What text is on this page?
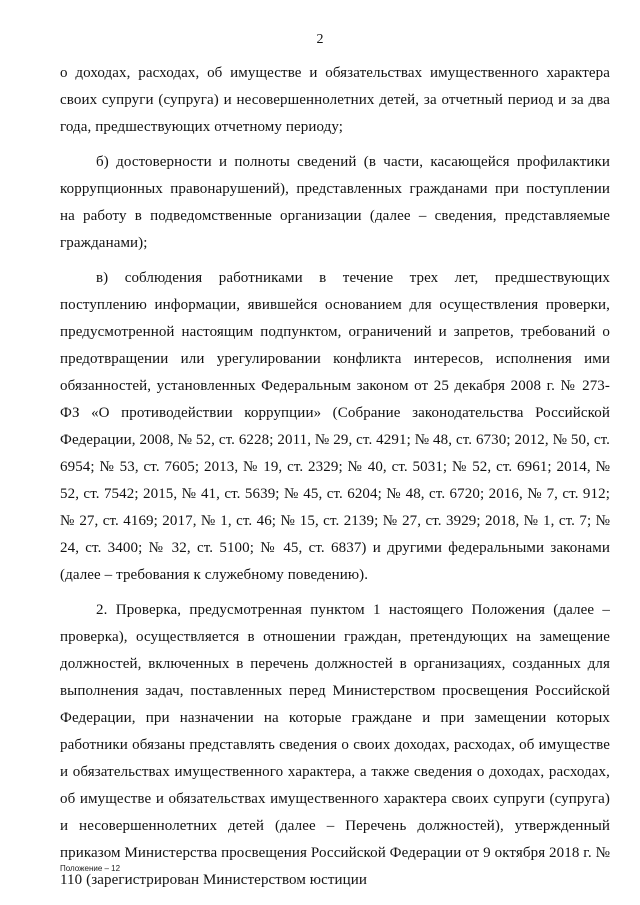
2

о доходах, расходах, об имуществе и обязательствах имущественного характера своих супруги (супруга) и несовершеннолетних детей, за отчетный период и за два года, предшествующих отчетному периоду;

б) достоверности и полноты сведений (в части, касающейся профилактики коррупционных правонарушений), представленных гражданами при поступлении на работу в подведомственные организации (далее – сведения, представляемые гражданами);

в) соблюдения работниками в течение трех лет, предшествующих поступлению информации, явившейся основанием для осуществления проверки, предусмотренной настоящим подпунктом, ограничений и запретов, требований о предотвращении или урегулировании конфликта интересов, исполнения ими обязанностей, установленных Федеральным законом от 25 декабря 2008 г. № 273-ФЗ «О противодействии коррупции» (Собрание законодательства Российской Федерации, 2008, № 52, ст. 6228; 2011, № 29, ст. 4291; № 48, ст. 6730; 2012, № 50, ст. 6954; № 53, ст. 7605; 2013, № 19, ст. 2329; № 40, ст. 5031; № 52, ст. 6961; 2014, № 52, ст. 7542; 2015, № 41, ст. 5639; № 45, ст. 6204; № 48, ст. 6720; 2016, № 7, ст. 912; № 27, ст. 4169; 2017, № 1, ст. 46; № 15, ст. 2139; № 27, ст. 3929; 2018, № 1, ст. 7; № 24, ст. 3400; № 32, ст. 5100; № 45, ст. 6837) и другими федеральными законами (далее – требования к служебному поведению).

2. Проверка, предусмотренная пунктом 1 настоящего Положения (далее – проверка), осуществляется в отношении граждан, претендующих на замещение должностей, включенных в перечень должностей в организациях, созданных для выполнения задач, поставленных перед Министерством просвещения Российской Федерации, при назначении на которые граждане и при замещении которых работники обязаны представлять сведения о своих доходах, расходах, об имуществе и обязательствах имущественного характера, а также сведения о доходах, расходах, об имуществе и обязательствах имущественного характера своих супруги (супруга) и несовершеннолетних детей (далее – Перечень должностей), утвержденный приказом Министерства просвещения Российской Федерации от 9 октября 2018 г. № 110 (зарегистрирован Министерством юстиции

Положение – 12
